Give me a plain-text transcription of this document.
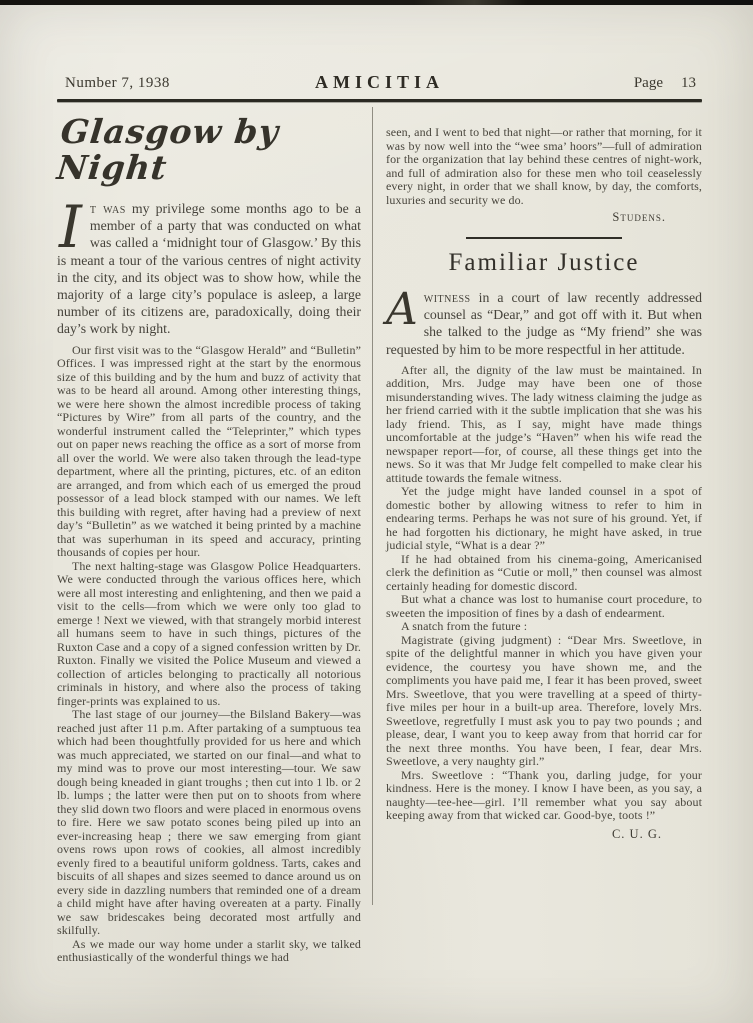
Number 7, 1938	AMICITIA	Page 13
Glasgow by Night

It was my privilege some months ago to be a member of a party that was conducted on what was called a ‘midnight tour of Glasgow.’ By this is meant a tour of the various centres of night activity in the city, and its object was to show how, while the majority of a large city’s populace is asleep, a large number of its citizens are, paradoxically, doing their day’s work by night.

Our first visit was to the “Glasgow Herald” and “Bulletin” Offices. I was impressed right at the start by the enormous size of this building and by the hum and buzz of activity that was to be heard all around. Among other interesting things, we were here shown the almost incredible process of taking “Pictures by Wire” from all parts of the country, and the wonderful instrument called the “Teleprinter,” which types out on paper news reaching the office as a sort of morse from all over the world. We were also taken through the lead-type department, where all the printing, pictures, etc. of an editon are arranged, and from which each of us emerged the proud possessor of a lead block stamped with our names. We left this building with regret, after having had a preview of next day’s “Bulletin” as we watched it being printed by a machine that was superhuman in its speed and accuracy, printing thousands of copies per hour.

The next halting-stage was Glasgow Police Headquarters. We were conducted through the various offices here, which were all most interesting and enlightening, and then we paid a visit to the cells—from which we were only too glad to emerge ! Next we viewed, with that strangely morbid interest all humans seem to have in such things, pictures of the Ruxton Case and a copy of a signed confession written by Dr. Ruxton. Finally we visited the Police Museum and viewed a collection of articles belonging to practically all notorious criminals in history, and where also the process of taking finger-prints was explained to us.

The last stage of our journey—the Bilsland Bakery—was reached just after 11 p.m. After partaking of a sumptuous tea which had been thoughtfully provided for us here and which was much appreciated, we started on our final—and what to my mind was to prove our most interesting—tour. We saw dough being kneaded in giant troughs ; then cut into 1 lb. or 2 lb. lumps ; the latter were then put on to shoots from where they slid down two floors and were placed in enormous ovens to fire. Here we saw potato scones being piled up into an ever-increasing heap ; there we saw emerging from giant ovens rows upon rows of cookies, all almost incredibly evenly fired to a beautiful uniform goldness. Tarts, cakes and biscuits of all shapes and sizes seemed to dance around us on every side in dazzling numbers that reminded one of a dream a child might have after having overeaten at a party. Finally we saw bridescakes being decorated most artfully and skilfully.

As we made our way home under a starlit sky, we talked enthusiastically of the wonderful things we had

seen, and I went to bed that night—or rather that morning, for it was by now well into the “wee sma’ hoors”—full of admiration for the organization that lay behind these centres of night-work, and full of admiration also for these men who toil ceaselessly every night, in order that we shall know, by day, the comforts, luxuries and security we do.

Studens.

Familiar Justice

Awitness in a court of law recently addressed counsel as “Dear,” and got off with it. But when she talked to the judge as “My friend” she was requested by him to be more respectful in her attitude.

After all, the dignity of the law must be maintained. In addition, Mrs. Judge may have been one of those misunderstanding wives. The lady witness claiming the judge as her friend carried with it the subtle implication that she was his lady friend. This, as I say, might have made things uncomfortable at the judge’s “Haven” when his wife read the newspaper report—for, of course, all these things get into the news. So it was that Mr Judge felt compelled to make clear his attitude towards the female witness.

Yet the judge might have landed counsel in a spot of domestic bother by allowing witness to refer to him in endearing terms. Perhaps he was not sure of his ground. Yet, if he had forgotten his dictionary, he might have asked, in true judicial style, “What is a dear ?”

If he had obtained from his cinema-going, Americanised clerk the definition as “Cutie or moll,” then counsel was almost certainly heading for domestic discord.

But what a chance was lost to humanise court procedure, to sweeten the imposition of fines by a dash of endearment.

A snatch from the future :

Magistrate (giving judgment) : “Dear Mrs. Sweetlove, in spite of the delightful manner in which you have given your evidence, the courtesy you have shown me, and the compliments you have paid me, I fear it has been proved, sweet Mrs. Sweetlove, that you were travelling at a speed of thirty-five miles per hour in a built-up area. Therefore, lovely Mrs. Sweetlove, regretfully I must ask you to pay two pounds ; and please, dear, I want you to keep away from that horrid car for the next three months. You have been, I fear, dear Mrs. Sweetlove, a very naughty girl.”

Mrs. Sweetlove : “Thank you, darling judge, for your kindness. Here is the money. I know I have been, as you say, a naughty—tee-hee—girl. I’ll remember what you say about keeping away from that wicked car. Good-bye, toots !”

C. U. G.
